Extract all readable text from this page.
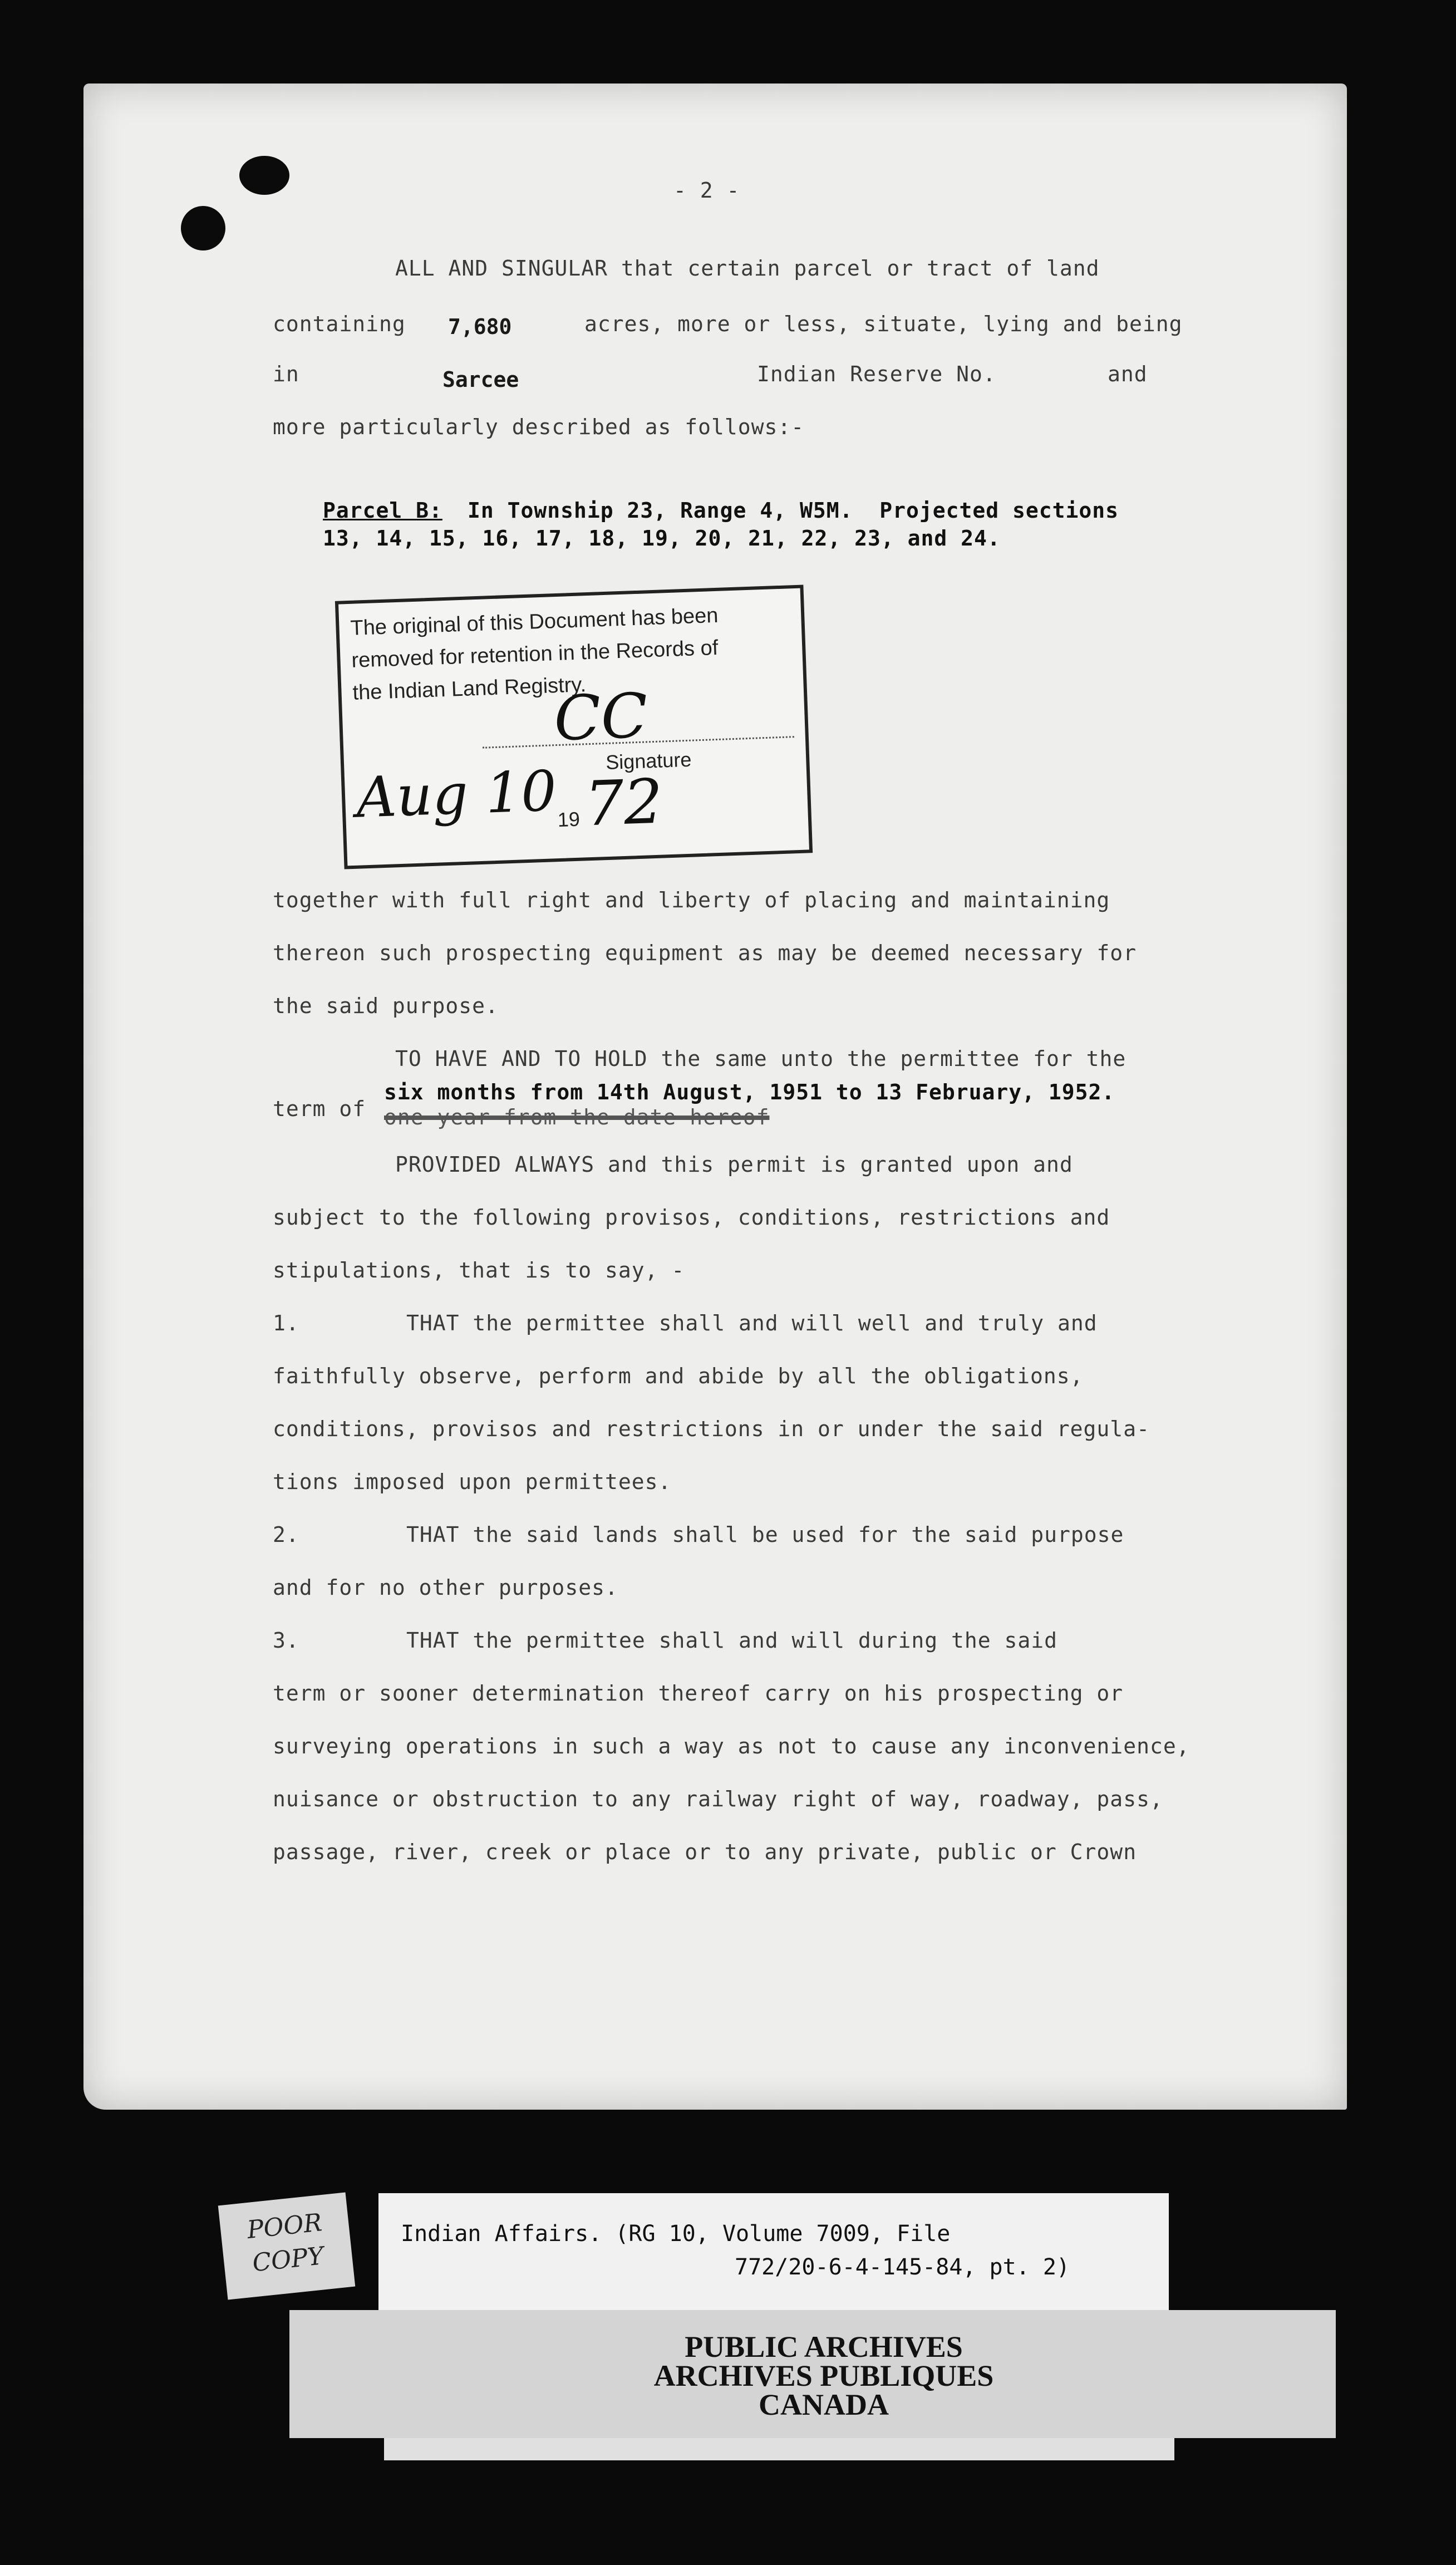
- 2 -
ALL AND SINGULAR that certain parcel or tract of land
containing	7,680	acres, more or less, situate, lying and being
in	Sarcee	Indian Reserve No.	and
more particularly described as follows:-
Parcel B:	In Township 23, Range 4, W5M.  Projected sections
13, 14, 15, 16, 17, 18, 19, 20, 21, 22, 23, and 24.
The original of this Document has been
removed for retention in the Records of
the Indian Land Registry.
Signature
CC
Aug 10 19 72
together with full right and liberty of placing and maintaining
thereon such prospecting equipment as may be deemed necessary for
the said purpose.
TO HAVE AND TO HOLD the same unto the permittee for the
six months from 14th August, 1951 to 13 February, 1952.
term of one year from the date hereof
PROVIDED ALWAYS and this permit is granted upon and
subject to the following provisos, conditions, restrictions and
stipulations, that is to say, -
1.	THAT the permittee shall and will well and truly and
faithfully observe, perform and abide by all the obligations,
conditions, provisos and restrictions in or under the said regula-
tions imposed upon permittees.
2.	THAT the said lands shall be used for the said purpose
and for no other purposes.
3.	THAT the permittee shall and will during the said
term or sooner determination thereof carry on his prospecting or
surveying operations in such a way as not to cause any inconvenience,
nuisance or obstruction to any railway right of way, roadway, pass,
passage, river, creek or place or to any private, public or Crown
POOR COPY
Indian Affairs. (RG 10, Volume 7009, File
772/20-6-4-145-84, pt. 2)
PUBLIC ARCHIVES
ARCHIVES PUBLIQUES
CANADA
